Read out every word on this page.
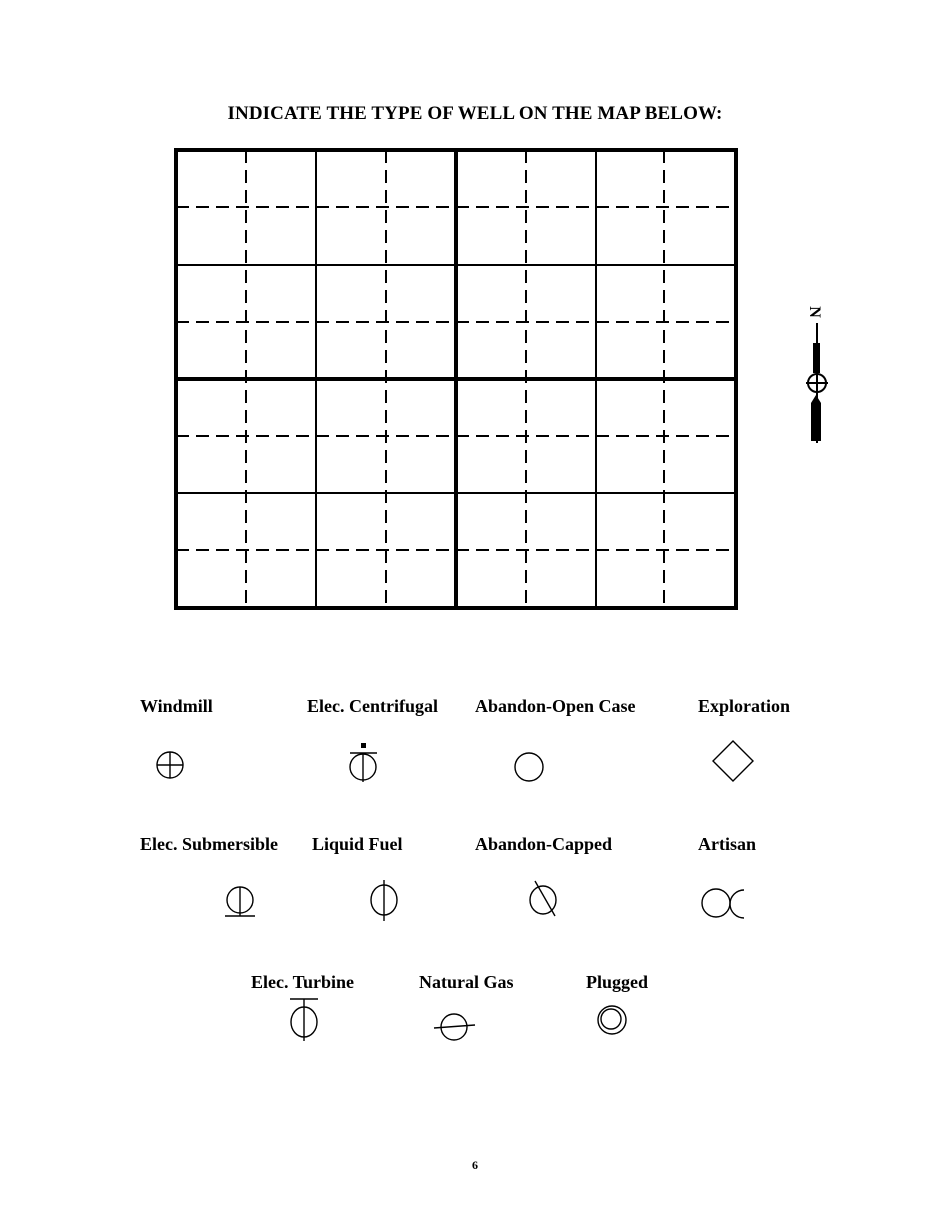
INDICATE THE TYPE OF WELL ON THE MAP BELOW:
N
Windmill	Elec. Centrifugal Abandon-Open Case	Exploration
Elec. Submersible Liquid Fuel	Abandon-Capped	Artisan
Elec. Turbine	Natural Gas	Plugged
6
